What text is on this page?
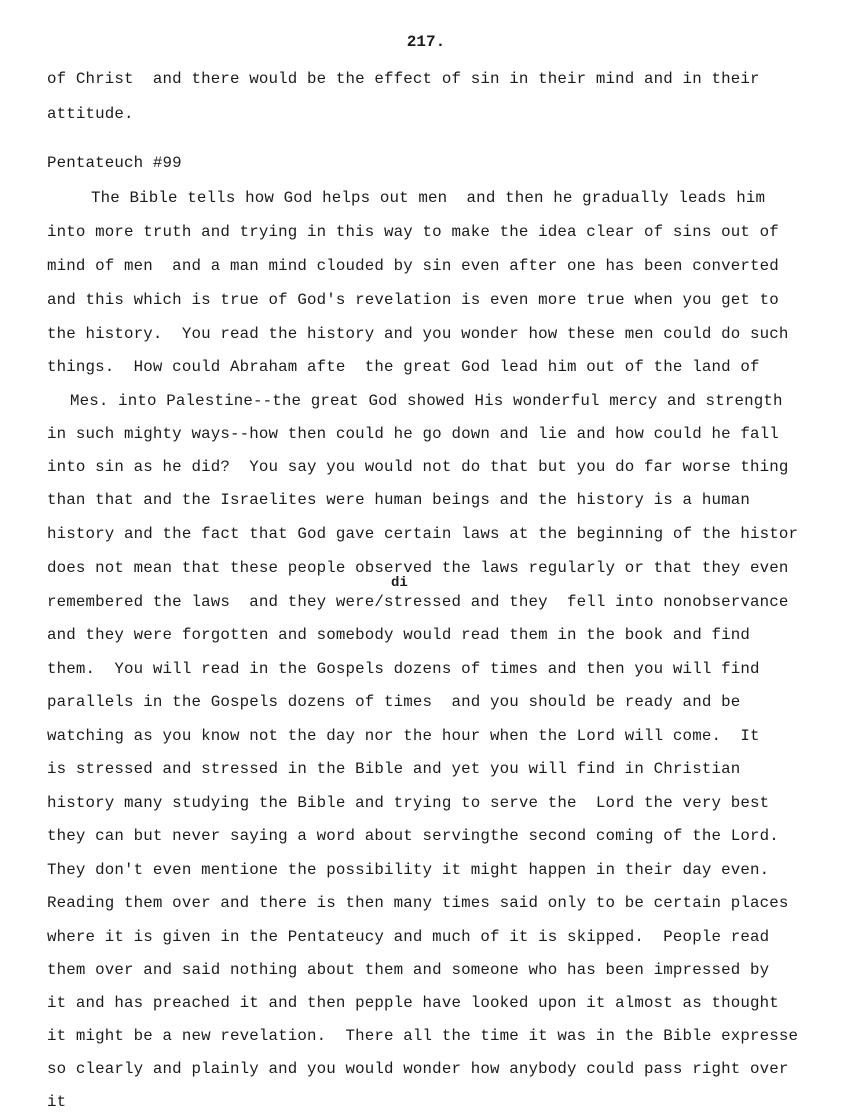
217.
of Christ  and there would be the effect of sin in their mind and in their
attitude.
Pentateuch #99
The Bible tells how God helps out men  and then he gradually leads him
into more truth and trying in this way to make the idea clear of sins out of
mind of men  and a man mind clouded by sin even after one has been converted
and this which is true of God's revelation is even more true when you get to
the history.  You read the history and you wonder how these men could do such
things.  How could Abraham afte  the great God lead him out of the land of
Mes. into Palestine--the great God showed His wonderful mercy and strength
in such mighty ways--how then could he go down and lie and how could he fall
into sin as he did?  You say you would not do that but you do far worse thing
than that and the Israelites were human beings and the history is a human
history and the fact that God gave certain laws at the beginning of the histor
does not mean that these people observed the laws regularly or that they even
di
remembered the laws  and they were/stressed and they  fell into nonobservance
and they were forgotten and somebody would read them in the book and find
them.  You will read in the Gospels dozens of times and then you will find
parallels in the Gospels dozens of times  and you should be ready and be
watching as you know not the day nor the hour when the Lord will come.  It
is stressed and stressed in the Bible and yet you will find in Christian
history many studying the Bible and trying to serve the  Lord the very best
they can but never saying a word about servingthe second coming of the Lord.
They don't even mentione the possibility it might happen in their day even.
Reading them over and there is then many times said only to be certain places
where it is given in the Pentateucy and much of it is skipped.  People read
them over and said nothing about them and someone who has been impressed by
it and has preached it and then pepple have looked upon it almost as thought
it might be a new revelation.  There all the time it was in the Bible expresse
so clearly and plainly and you would wonder how anybody could pass right over
it
